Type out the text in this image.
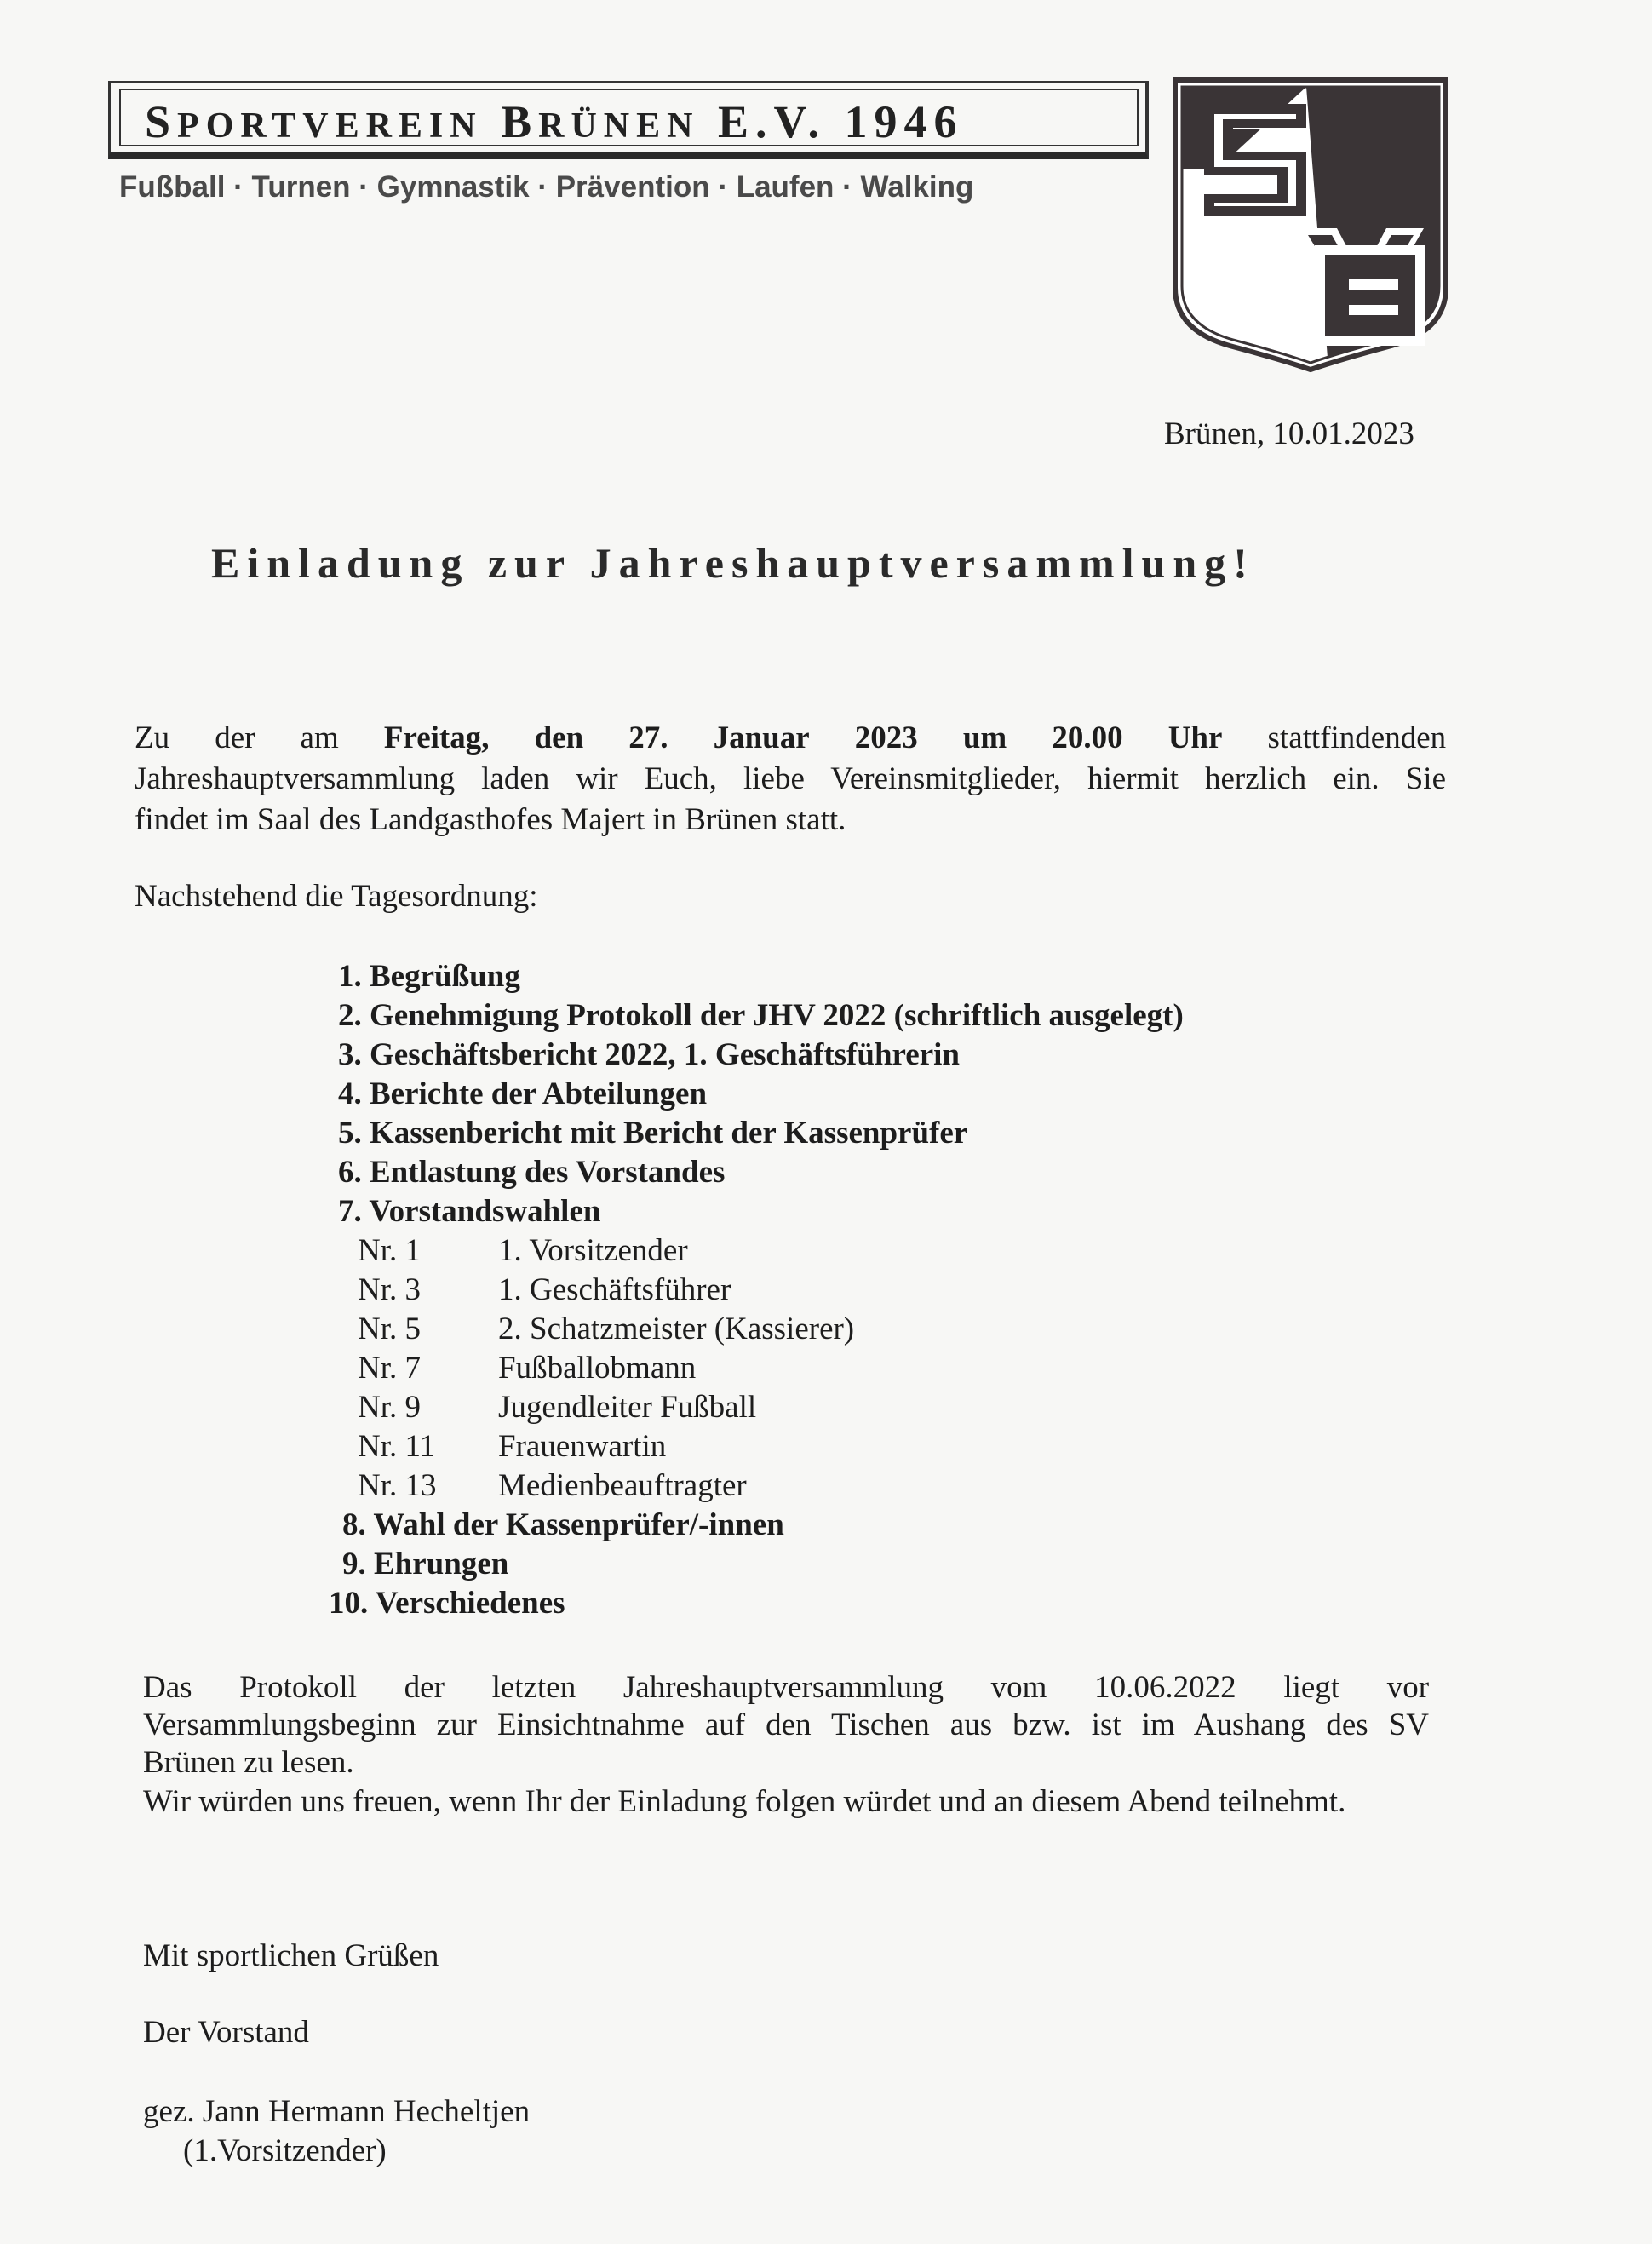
SPORTVEREIN BRÜNEN E.V. 1946
Fußball · Turnen · Gymnastik · Prävention · Laufen · Walking
Brünen, 10.01.2023
Einladung zur Jahreshauptversammlung!
Zu der am Freitag, den 27. Januar 2023 um 20.00 Uhr stattfindenden
Jahreshauptversammlung laden wir Euch, liebe Vereinsmitglieder, hiermit herzlich ein. Sie
findet im Saal des Landgasthofes Majert in Brünen statt.
Nachstehend die Tagesordnung:
1. Begrüßung
2. Genehmigung Protokoll der JHV 2022 (schriftlich ausgelegt)
3. Geschäftsbericht 2022, 1. Geschäftsführerin
4. Berichte der Abteilungen
5. Kassenbericht mit Bericht der Kassenprüfer
6. Entlastung des Vorstandes
7. Vorstandswahlen
Nr. 1 1. Vorsitzender
Nr. 3 1. Geschäftsführer
Nr. 5 2. Schatzmeister (Kassierer)
Nr. 7 Fußballobmann
Nr. 9 Jugendleiter Fußball
Nr. 11 Frauenwartin
Nr. 13 Medienbeauftragter
8. Wahl der Kassenprüfer/-innen
9. Ehrungen
10. Verschiedenes
Das Protokoll der letzten Jahreshauptversammlung vom 10.06.2022 liegt vor
Versammlungsbeginn zur Einsichtnahme auf den Tischen aus bzw. ist im Aushang des SV
Brünen zu lesen.
Wir würden uns freuen, wenn Ihr der Einladung folgen würdet und an diesem Abend teilnehmt.
Mit sportlichen Grüßen
Der Vorstand
gez. Jann Hermann Hecheltjen
(1.Vorsitzender)
